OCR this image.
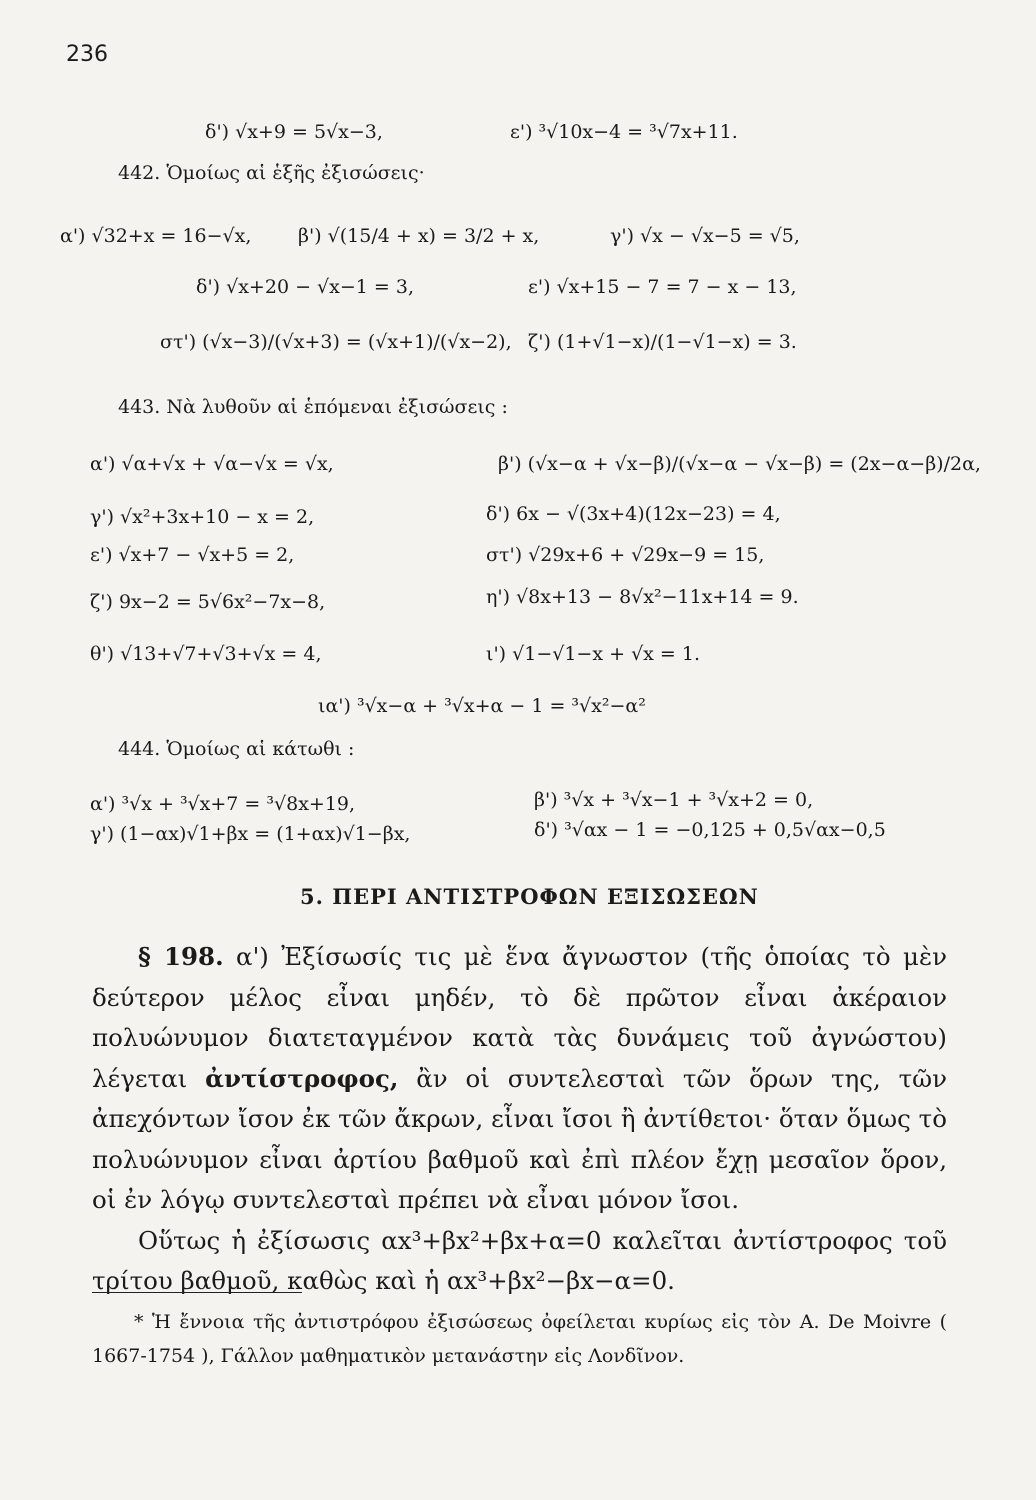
236
δ') √x+9 = 5√x−3,	ε') ³√10x−4 = ³√7x+11.
442. Ὁμοίως αἱ ἑξῆς ἐξισώσεις·
α') √32+x = 16−√x, β') √(15/4 + x) = 3/2 + x,	γ') √x − √x−5 = √5,
δ') √x+20 − √x−1 = 3,	ε') √x+15 − 7 = 7 − x − 13,
στ') (√x−3)/(√x+3) = (√x+1)/(√x−2), ζ') (1+√1−x)/(1−√1−x) = 3.
443. Νὰ λυθοῦν αἱ ἑπόμεναι ἐξισώσεις :
α') √α+√x + √α−√x = √x,	β') (√x−α + √x−β)/(√x−α − √x−β) = (2x−α−β)/2α,
γ') √x²+3x+10 − x = 2,	δ') 6x − √(3x+4)(12x−23) = 4,
ε') √x+7 − √x+5 = 2,	στ') √29x+6 + √29x−9 = 15,
ζ') 9x−2 = 5√6x²−7x−8,	η') √8x+13 − 8√x²−11x+14 = 9.
θ') √13+√7+√3+√x = 4,	ι') √1−√1−x + √x = 1.
ια') ³√x−α + ³√x+α − 1 = ³√x²−α²
444. Ὁμοίως αἱ κάτωθι :
α') ³√x + ³√x+7 = ³√8x+19,	β') ³√x + ³√x−1 + ³√x+2 = 0,
γ') (1−αx)√1+βx = (1+αx)√1−βx,	δ') ³√αx − 1 = −0,125 + 0,5√αx−0,5
5. ΠΕΡΙ ΑΝΤΙΣΤΡΟΦΩΝ ΕΞΙΣΩΣΕΩΝ

§ 198. α') Ἐξίσωσίς τις μὲ ἕνα ἄγνωστον (τῆς ὁποίας τὸ μὲν δεύτερον μέλος εἶναι μηδέν, τὸ δὲ πρῶτον εἶναι ἀκέραιον πολυώνυμον διατεταγμένον κατὰ τὰς δυνάμεις τοῦ ἀγνώστου) λέγεται ἀντίστροφος, ἂν οἱ συντελεσταὶ τῶν ὅρων της, τῶν ἀπεχόντων ἴσον ἐκ τῶν ἄκρων, εἶναι ἴσοι ἢ ἀντίθετοι· ὅταν ὅμως τὸ πολυώνυμον εἶναι ἀρτίου βαθμοῦ καὶ ἐπὶ πλέον ἔχῃ μεσαῖον ὅρον, οἱ ἐν λόγῳ συντελεσταὶ πρέπει νὰ εἶναι μόνον ἴσοι.

Οὕτως ἡ ἐξίσωσις αx³+βx²+βx+α=0 καλεῖται ἀντίστροφος τοῦ τρίτου βαθμοῦ, καθὼς καὶ ἡ αx³+βx²−βx−α=0.

* Ἡ ἔννοια τῆς ἀντιστρόφου ἐξισώσεως ὀφείλεται κυρίως εἰς τὸν A. De Moivre ( 1667-1754 ), Γάλλον μαθηματικὸν μετανάστην εἰς Λονδῖνον.
